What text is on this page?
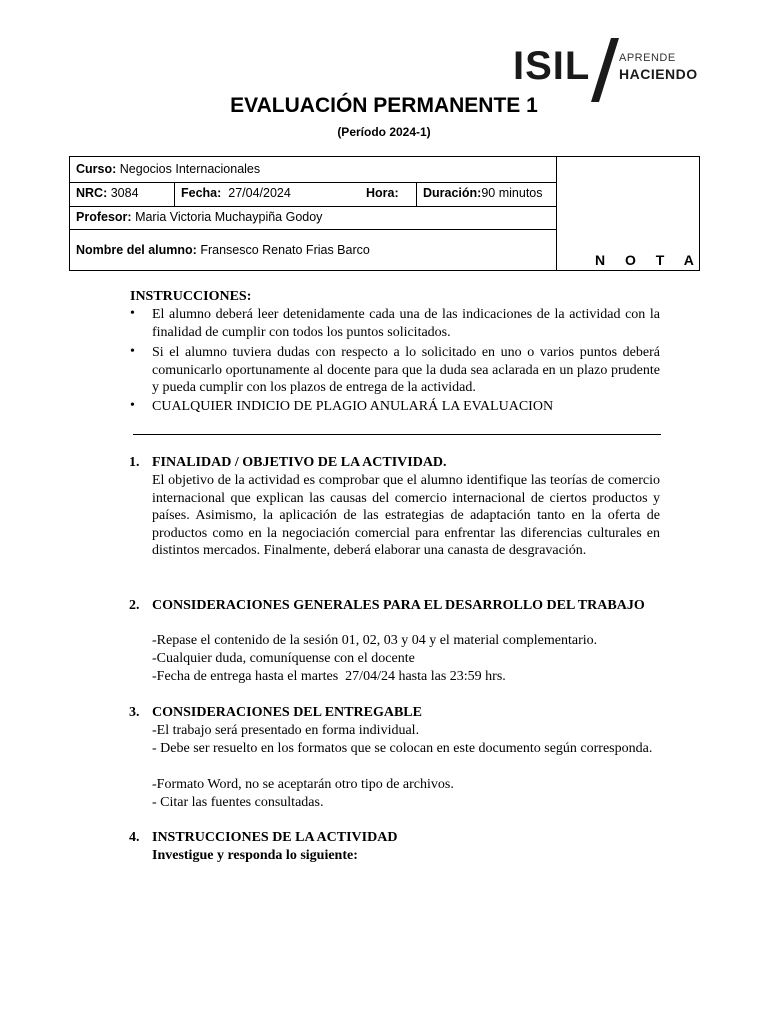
ISIL	APRENDE
HACIENDO
EVALUACIÓN PERMANENTE 1
(Período 2024-1)
Curso: Negocios Internacionales
NRC: 3084	Fecha: 27/04/2024	Hora: Duración:90 minutos
Profesor: Maria Victoria Muchaypiña Godoy
Nombre del alumno: Fransesco Renato Frias Barco
N O T A
INSTRUCCIONES:
• El alumno deberá leer detenidamente cada una de las indicaciones de la actividad con la finalidad de cumplir con todos los puntos solicitados.
• Si el alumno tuviera dudas con respecto a lo solicitado en uno o varios puntos deberá comunicarlo oportunamente al docente para que la duda sea aclarada en un plazo prudente y pueda cumplir con los plazos de entrega de la actividad.
• CUALQUIER INDICIO DE PLAGIO ANULARÁ LA EVALUACION
1. FINALIDAD / OBJETIVO DE LA ACTIVIDAD.
El objetivo de la actividad es comprobar que el alumno identifique las teorías de comercio internacional que explican las causas del comercio internacional de ciertos productos y países. Asimismo, la aplicación de las estrategias de adaptación tanto en la oferta de productos como en la negociación comercial para enfrentar las diferencias culturales en distintos mercados. Finalmente, deberá elaborar una canasta de desgravación.
2. CONSIDERACIONES GENERALES PARA EL DESARROLLO DEL TRABAJO
-Repase el contenido de la sesión 01, 02, 03 y 04 y el material complementario.
-Cualquier duda, comuníquense con el docente
-Fecha de entrega hasta el martes  27/04/24 hasta las 23:59 hrs.
3. CONSIDERACIONES DEL ENTREGABLE
-El trabajo será presentado en forma individual.
- Debe ser resuelto en los formatos que se colocan en este documento según corresponda.
-Formato Word, no se aceptarán otro tipo de archivos.
- Citar las fuentes consultadas.
4. INSTRUCCIONES DE LA ACTIVIDAD
Investigue y responda lo siguiente:
